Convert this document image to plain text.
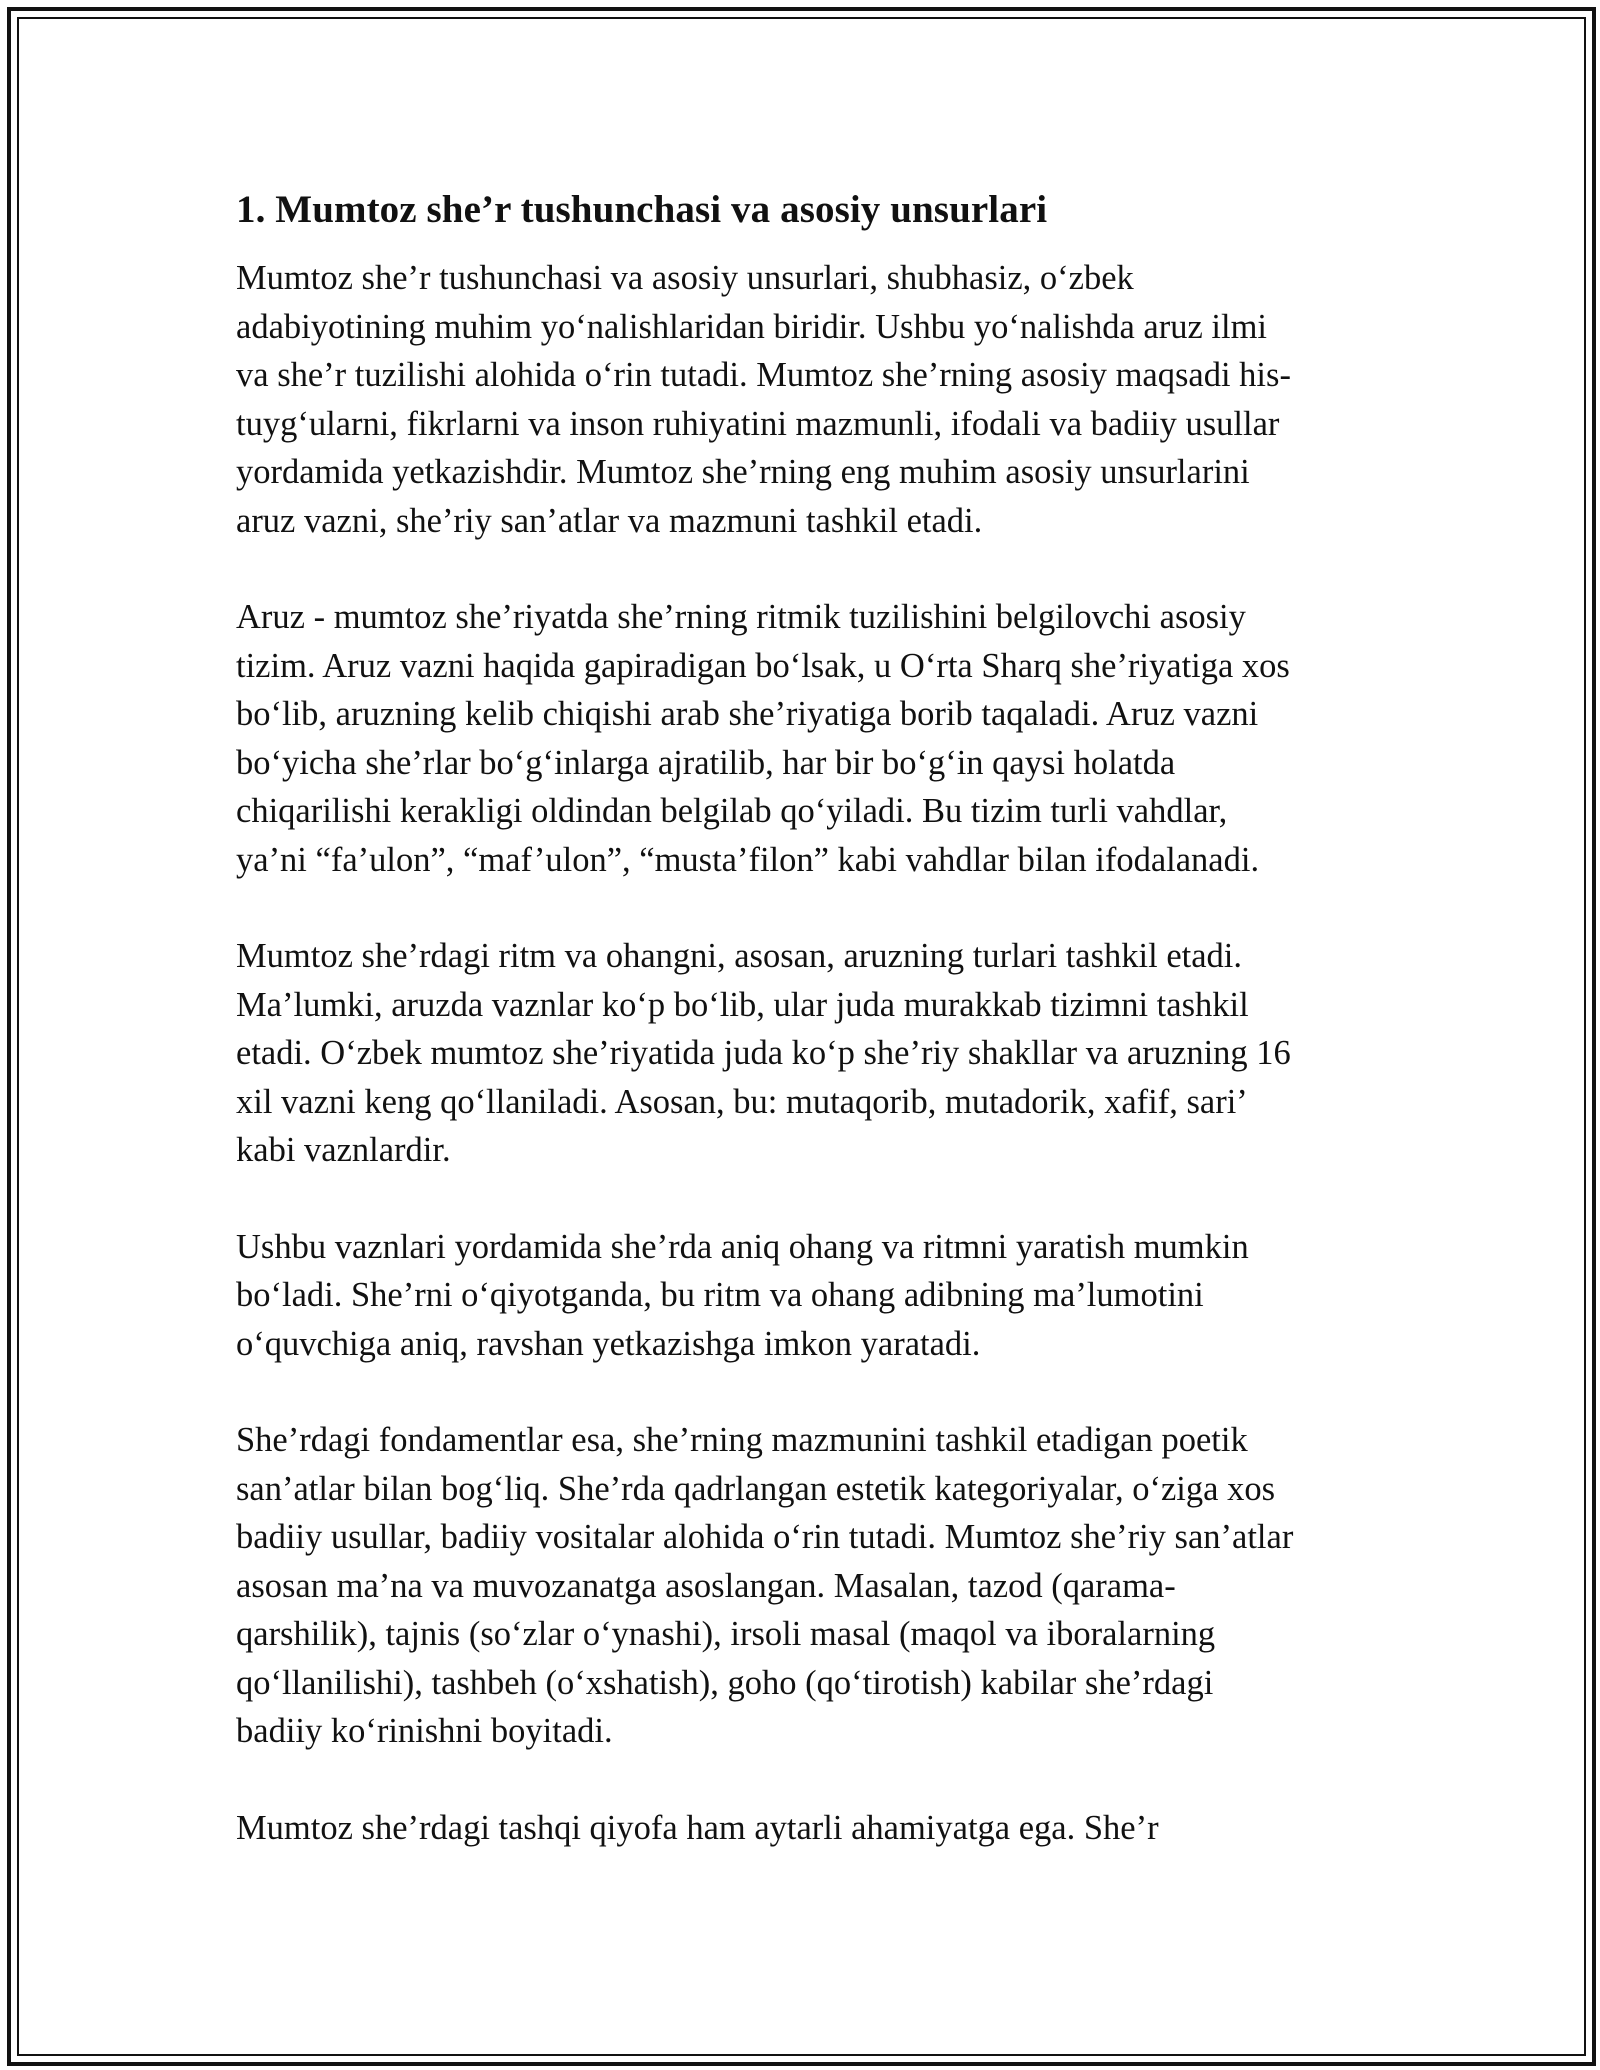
1. Mumtoz she’r tushunchasi va asosiy unsurlari

Mumtoz she’r tushunchasi va asosiy unsurlari, shubhasiz, o‘zbek
adabiyotining muhim yo‘nalishlaridan biridir. Ushbu yo‘nalishda aruz ilmi
va she’r tuzilishi alohida o‘rin tutadi. Mumtoz she’rning asosiy maqsadi his-
tuyg‘ularni, fikrlarni va inson ruhiyatini mazmunli, ifodali va badiiy usullar
yordamida yetkazishdir. Mumtoz she’rning eng muhim asosiy unsurlarini
aruz vazni, she’riy san’atlar va mazmuni tashkil etadi.

Aruz - mumtoz she’riyatda she’rning ritmik tuzilishini belgilovchi asosiy
tizim. Aruz vazni haqida gapiradigan bo‘lsak, u O‘rta Sharq she’riyatiga xos
bo‘lib, aruzning kelib chiqishi arab she’riyatiga borib taqaladi. Aruz vazni
bo‘yicha she’rlar bo‘g‘inlarga ajratilib, har bir bo‘g‘in qaysi holatda
chiqarilishi kerakligi oldindan belgilab qo‘yiladi. Bu tizim turli vahdlar,
ya’ni “fa’ulon”, “maf’ulon”, “musta’filon” kabi vahdlar bilan ifodalanadi.

Mumtoz she’rdagi ritm va ohangni, asosan, aruzning turlari tashkil etadi.
Ma’lumki, aruzda vaznlar ko‘p bo‘lib, ular juda murakkab tizimni tashkil
etadi. O‘zbek mumtoz she’riyatida juda ko‘p she’riy shakllar va aruzning 16
xil vazni keng qo‘llaniladi. Asosan, bu: mutaqorib, mutadorik, xafif, sari’
kabi vaznlardir.

Ushbu vaznlari yordamida she’rda aniq ohang va ritmni yaratish mumkin
bo‘ladi. She’rni o‘qiyotganda, bu ritm va ohang adibning ma’lumotini
o‘quvchiga aniq, ravshan yetkazishga imkon yaratadi.

She’rdagi fondamentlar esa, she’rning mazmunini tashkil etadigan poetik
san’atlar bilan bog‘liq. She’rda qadrlangan estetik kategoriyalar, o‘ziga xos
badiiy usullar, badiiy vositalar alohida o‘rin tutadi. Mumtoz she’riy san’atlar
asosan ma’na va muvozanatga asoslangan. Masalan, tazod (qarama-
qarshilik), tajnis (so‘zlar o‘ynashi), irsoli masal (maqol va iboralarning
qo‘llanilishi), tashbeh (o‘xshatish), goho (qo‘tirotish) kabilar she’rdagi
badiiy ko‘rinishni boyitadi.

Mumtoz she’rdagi tashqi qiyofa ham aytarli ahamiyatga ega. She’r
